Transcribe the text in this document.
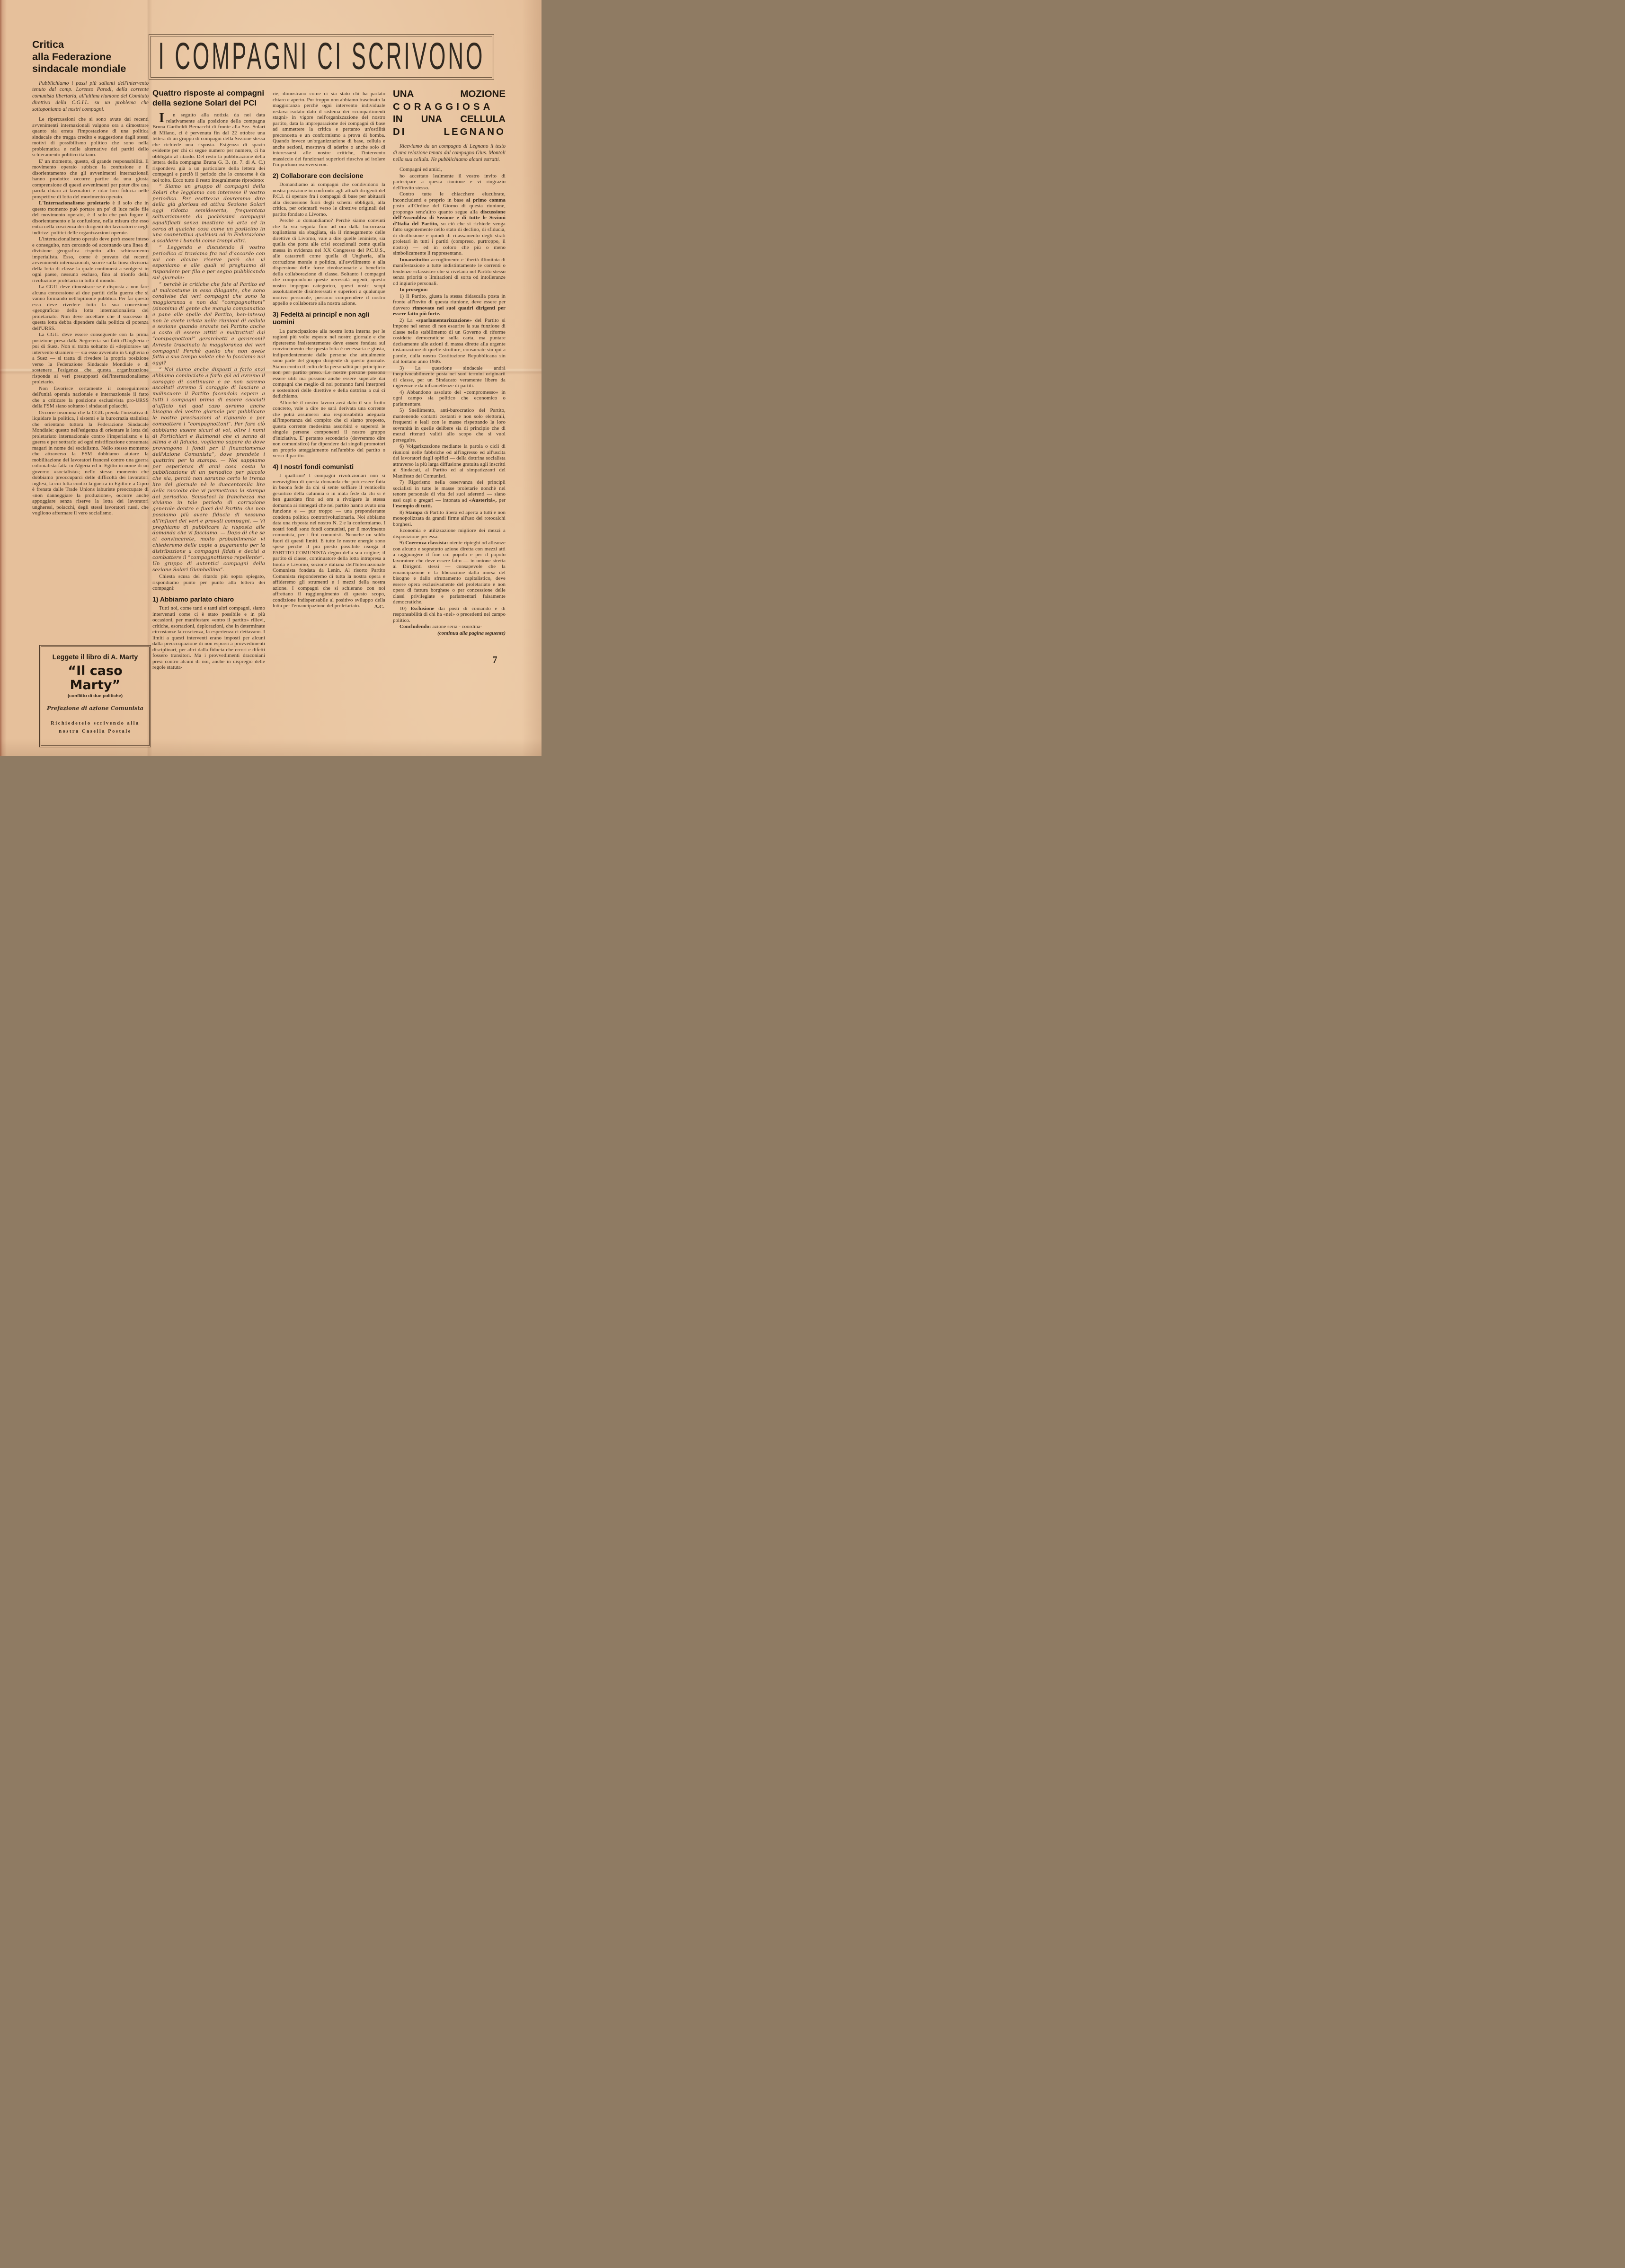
I COMPAGNI CI SCRIVONO
Critica
alla Federazione
sindacale mondiale

Pubblichiamo i passi più salienti dell'intervento tenuto dal comp. Lorenzo Parodi, della corrente comunista libertaria, all'ultima riunione del Comitato direttivo della C.G.I.L. su un problema che sottoponiamo ai nostri compagni.

Le ripercussioni che si sono avute dai recenti avvenimenti internazionali valgono ora a dimostrare quanto sia errata l'impostazione di una politica sindacale che tragga credito e suggestione dagli stessi motivi di possibilismo politico che sono nella problematica e nelle alternative dei partiti dello schieramento politico italiano.

E' un momento, questo, di grande responsabilità. Il movimento operaio subisce la confusione e il disorientamento che gli avvenimenti internazionali hanno prodotto: occorre partire da una giusta comprensione di questi avvenimenti per poter dire una parola chiara ai lavoratori e ridar loro fiducia nelle prospettive di lotta del movimento operaio.

L'Internazionalismo proletario è il solo che in questo momento può portare un po' di luce nelle file del movimento operaio, è il solo che può fugare il disorientamento e la confusione, nella misura che esso entra nella coscienza dei dirigenti dei lavoratori e negli indirizzi politici delle organizzazioni operaie.

L'internazionalismo operaio deve però essere inteso e conseguito, non cercando od accettando una linea di divisione geografica rispetto allo schieramento imperialista. Esso, come è provato dai recenti avvenimenti internazionali, scorre sulla linea divisoria della lotta di classe la quale continuerà a svolgersi in ogni paese, nessuno escluso, fino al trionfo della rivoluzione proletaria in tutto il mondo.

La CGIL deve dimostrare se è disposta a non fare alcuna concessione ai due partiti della guerra che si vanno formando nell'opinione pubblica. Per far questo essa deve rivedere tutta la sua concezione «geografica» della lotta internazionalista del proletariato. Non deve accettare che il successo di questa lotta debba dipendere dalla politica di potenza dell'URSS.

La CGIL deve essere conseguente con la prima posizione presa dalla Segreteria sui fatti d'Ungheria e poi di Suez. Non si tratta soltanto di «deplorare» un intervento straniero — sia esso avvenuto in Ungheria o a Suez — si tratta di rivedere la propria posizione verso la Federazione Sindacale Mondiale e di sostenere l'esigenza che questa organizzazione risponda ai veri presupposti dell'internazionalismo proletario.

Non favorisce certamente il conseguimento dell'unità operaia nazionale e internazionale il fatto che a criticare la posizione esclusivista pro-URSS della FSM siano soltanto i sindacati polacchi.

Occorre insomma che la CGIL prenda l'iniziativa di liquidare la politica, i sistemi e la burocrazia stalinista che orientano tuttora la Federazione Sindacale Mondiale: questo nell'esigenza di orientare la lotta del proletariato internazionale contro l'imperialismo e la guerra e per sottrarlo ad ogni mistificazione consumata magari in nome del socialismo. Nello stesso momento che attraverso la FSM dobbiamo aiutare la mobilitazione dei lavoratori francesi contro una guerra colonialista fatta in Algeria ed in Egitto in nome di un governo «socialista»; nello stesso momento che dobbiamo preoccuparci delle difficoltà dei lavoratori inglesi, la cui lotta contro la guerra in Egitto e a Cipro è frenata dalle Trade Unions laburiste preoccupate di «non danneggiare la produzione», occorre anche appoggiare senza riserve la lotta dei lavoratori ungheresi, polacchi, degli stessi lavoratori russi, che vogliono affermare il vero socialismo.

Leggete il libro di A. Marty
“Il caso Marty”
(conflitto di due politiche)
Prefazione di azione Comunista
Richiedetelo scrivendo alla nostra Casella Postale
Quattro risposte ai compagni
della sezione Solari del PCI

In seguito alla notizia da noi data relativamente alla posizione della compagna Bruna Gariboldi Bernacchi di fronte alla Sez. Solari di Milano, ci è pervenuta fin dal 22 ottobre una lettera di un gruppo di compagni della Sezione stessa che richiede una risposta. Esigenza di spazio evidente per chi ci segue numero per numero, ci ha obbligato al ritardo. Del resto la pubblicazione della lettera della compagna Bruna G. B. (n. 7. di A. C.) rispondeva già a un particolare della lettera dei compagni e perciò il periodo che lo concerne è da noi tolto. Ecco tutto il resto integralmente riprodotto:

” Siamo un gruppo di compagni della Solari che leggiamo con interesse il vostro periodico. Per esattezza dovremmo dire della già gloriosa ed attiva Sezione Solari oggi ridotta semideserta, frequentata saltuariamente da pochissimi compagni squalificati senza mestiere nè arte ed in cerca di qualche cosa come un posticino in una cooperativa qualsiasi od in Federazione a scaldare i banchi come troppi altri.

” Leggendo e discutendo il vostro periodico ci troviamo fra noi d'accordo con voi con alcune riserve però che vi esponiamo e alle quali vi preghiamo di rispondere per filo e per segno pubblicando sul giornale:

” perchè le critiche che fate al Partito ed al malcostume in esso dilagante, che sono condivise dai veri compagni che sono la maggioranza e non dai ”compagnottoni” (sinonimo di gente che mangia companatico e pane alle spalle del Partito, ben-inteso) non le avete urlate nelle riunioni di cellula e sezione quando eravate nel Partito anche a costo di essere zittiti e maltrattati dai ”compagnottoni” gerarchetti e gerarconi? Avreste trascinato la maggioranza dei veri compagni! Perchè quello che non avete fatto a suo tempo volete che lo facciamo noi oggi?

” Noi siamo anche disposti a farlo anzi abbiamo cominciato a farlo già ed avremo il coraggio di continuare e se non saremo ascoltati avremo il coraggio di lasciare a malincuore il Partito facendolo sapere a tutti i compagni prima di essere cacciati d'ufficio nel qual caso avremo anche bisogno del vostro giornale per pubblicare le nostre precisazioni al riguardo e per combattere i ”compagnottoni”. Per fare ciò dobbiamo essere sicuri di voi, oltre i nomi di Fortichiari e Raimondi che ci sanno di stima e di fiducia, vogliamo sapere da dove provengono i fondi per il finanziamento dell'Azione Comunista”, dove prendete i quattrini per la stampa. — Noi sappiamo per esperienza di anni cosa costa la pubblicazione di un periodico per piccolo che sia, perciò non saranno certo le trenta lire del giornale nè le duecentomila lire della raccolta che vi permettono la stampa del periodico. Scusateci la franchezza ma viviamo in tale periodo di corruzione generale dentro e fuori del Partito che non possiamo più avere fiducia di nessuno all'infuori dei veri e provati compagni. — Vi preghiamo di pubblicare la risposta alle domanda che vi facciamo. — Dopo di che se ci convincerete, molto probabilmente vi chiederemo delle copie a pagamento per la distribuzione a compagni fidati e decisi a combattere il ”compagnottismo repellente”.

Un gruppo di autentici compagni della sezione Solari Giambellino”.

Chiesta scusa del ritardo più sopra spiegato, rispondiamo punto per punto alla lettera dei compagni:

1) Abbiamo parlato chiaro

Tutti noi, come tanti e tanti altri compagni, siamo intervenuti come ci è stato possibile e in più occasioni, per manifestare «entro il partito» rilievi, critiche, esortazioni, deplorazioni, che in determinate circostanze la coscienza, la esperienza ci dettavano. I limiti a questi interventi erano imposti per alcuni dalla preoccupazione di non esporsi a provvedimenti disciplinari, per altri dalla fiducia che errori e difetti fossero transitori. Ma i provvedimenti draconiani presi contro alcuni di noi, anche in dispregio delle regole statuta-

rie, dimostrano come ci sia stato chi ha parlato chiaro e aperto. Pur troppo non abbiamo trascinato la maggioranza perchè ogni intervento individuale restava isolato dato il sistema dei «compartimenti stagni» in vigore nell'organizzazione del nostro partito, data la impreparazione dei compagni di base ad ammettere la critica e pertanto un'ostilità preconcetta e un conformismo a prova di bomba. Quando invece un'organizzazione di base, cellula e anche sezioni, mostrava di aderire o anche solo di interessarsi alle nostre critiche, l'intervento massiccio dei funzionari superiori riusciva ad isolare l'importuno «sovversivo».

2) Collaborare con decisione

Domandiamo ai compagni che condividono la nostra posizione in confronto agli attuali dirigenti del P.C.I. di operare fra i compagni di base per abituarli alla discussione fuori degli schemi obbligati, alla critica, per orientarli verso le direttive originali del partito fondato a Livorno.

Perchè lo domandiamo? Perchè siamo convinti che la via seguita fino ad ora dalla burocrazia togliattiana sia sbagliata, sia il rinnegamento delle direttive di Livorno, vale a dire quelle leniniste, sia quella che porta alle crisi eccezionali come quella messa in evidenza nel XX Congresso del P.C.U.S., alle catastrofi come quella di Ungheria, alla corruzione morale e politica, all'avvilimento e alla dispersione delle forze rivoluzionarie a beneficio della collaborazione di classe. Soltanto i compagni che comprendono queste necessità urgenti, questo nostro impegno categorico, questi nostri scopi assolutamente disinteressati e superiori a qualunque motivo personale, possono comprendere il nostro appello e collaborare alla nostra azione.

3) Fedeltà ai principî e non agli uomini

La partecipazione alla nostra lotta interna per le ragioni più volte esposte nel nostro giornale e che ripeteremo insistentemente deve essere fondata sul convincimento che questa lotta è necessaria e giusta, indipendentemente dalle persone che attualmente sono parte del gruppo dirigente di questo giornale. Siamo contro il culto della personalità per principio e non per partito preso. Le nostre persone possono essere utili ma possono anche essere superate dai compagni che meglio di noi potranno farsi interpreti e sostenitori delle direttive e della dottrina a cui ci dedichiamo.

Allorchè il nostro lavoro avrà dato il suo frutto concreto, vale a dire ne sarà derivata una corrente che potrà assumersi una responsabilità adeguata all'importanza del compito che ci siamo proposto, questa corrente medesima assorbirà e supererà le singole persone componenti il nostro gruppo d'iniziativa. E' pertanto secondario (dovremmo dire non comunistico) far dipendere dai singoli promotori un proprio atteggiamento nell'ambito del partito o verso il partito.

4) I nostri fondi comunisti

I quattrini? I compagni rivoluzionari non si meraviglino di questa domanda che può essere fatta in buona fede da chi si sente soffiare il venticello gesuitico della calunnia o in mala fede da chi si è ben guardato fino ad ora a rivolgere la stessa domanda ai rinnegati che nel partito hanno avuto una funzione e — pur troppo — una preponderante condotta politica controrivoluzionaria. Noi abbiamo data una risposta nel nostro N. 2 e la confermiamo. I nostri fondi sono fondi comunisti, per il movimento comunista, per i fini comunisti. Neanche un soldo fuori di questi limiti. E tutte le nostre energie sono spese perchè il più presto possibile risorga il PARTITO COMUNISTA degno della sua origine; il partito di classe, continuatore della lotta intrapresa a Imola e Livorno, sezione italiana dell'Internazionale Comunista fondata da Lenin. Al risorto Partito Comunista risponderemo di tutta la nostra opera e affideremo gli strumenti e i mezzi della nostra azione. I compagni che si schierano con noi affrettano il raggiungimento di questo scopo, condizione indispensabile al positivo sviluppo della lotta per l'emancipazione del proletariato.	A.C.

UNA MOZIONE
CORAGGIOSA
IN UNA CELLULA
DI LEGNANO

Riceviamo da un compagno di Legnano il testo di una relazione tenuta dal compagno Gius. Montoli nella sua cellula. Ne pubblichiamo alcuni estratti.

Compagni ed amici,

ho accettato lealmente il vostro invito di partecipare a questa riunione e vi ringrazio dell'invito stesso.

Contro tutte le chiacchere elucubrate, inconcludenti e proprio in base al primo comma posto all'Ordine del Giorno di questa riunione, propongo senz'altro quanto segue alla discussione dell'Assemblea di Sezione e di tutte le Sezioni d'Italia del Partito, su ciò che si richiede venga fatto urgentemente nello stato di declino, di sfiducia, di disillusione e quindi di rilassamento degli strati proletari in tutti i partiti (compreso, purtroppo, il nostro) — ed in coloro che più o meno simbolicamente li rappresentano.

Innanzitutto: accoglimento e libertà illimitata di manifestazione a tutte indistintamente le correnti o tendenze «classiste» che si rivelano nel Partito stesso senza priorità o limitazioni di sorta od intolleranze od ingiurie personali.

In proseguo:

1) Il Partito, giusta la stessa didascalia posta in fronte all'invito di questa riunione, deve essere per davvero rinnovato nei suoi quadri dirigenti per essere fatto più forte.

2) La «sparlamentarizzazione» del Partito si impone nel senso di non esaurire la sua funzione di classe nello stabilimento di un Governo di riforme cosidette democratiche sulla carta, ma puntare decisamente alle azioni di massa dirette alla urgente instaurazione di quelle strutture, consacrate sin quì a parole, dalla nostra Costituzione Repubblicana sin dal lontano anno 1946.

3) La questione sindacale andrà inequivocabilmente posta nei suoi termini originarii di classe, per un Sindacato veramente libero da ingerenze e da inframettenze di partiti.

4) Abbandono assoluto del «compromesso» in ogni campo sia politico che economico o parlamentare.

5) Snellimento, anti-burocratico del Partito, mantenendo contatti costanti e non solo elettorali, frequenti e leali con le masse rispettando la loro sovranità in quelle delibere sia di principio che di mezzi ritenuti validi allo scopo che si vuol perseguire.

6) Volgarizzazione mediante la parola o cicli di riunioni nelle fabbriche od all'ingresso ed all'uscita dei lavoratori dagli opifici — della dottrina socialista attraverso la più larga diffusione gratuita agli inscritti ai Sindacati, al Partito ed ai simpatizzanti del Manifesto dei Comunisti.

7) Rigorismo nella osservanza dei principii socialisti in tutte le masse proletarie nonchè nel tenore personale di vita dei suoi aderenti — siano essi capi o gregari — intonata ad «Austerità», per l'esempio di tutti.

8) Stampa di Partito libera ed aperta a tutti e non monopolizzata da grandi firme all'uso dei rotocalchi borghesi.

Economia e utilizzazione migliore dei mezzi a disposizione per essa.

9) Coerenza classista: niente ripieghi od alleanze con alcuno e sopratutto azione diretta con mezzi atti a raggiungere il fine col popolo e per il popolo lavoratore che deve essere fatto — in unione stretta ai Dirigenti stessi — consapevole che la emancipazione e la liberazione dalla morsa del bisogno e dallo sfruttamento capitalistico, deve essere opera esclusivamente del proletariato e non opera di fattura borghese o per concessione delle classi privilegiate e parlamentari falsamente democratiche.

10) Esclusione dai posti di comando e di responsabilità di chi ha «nei» o precedenti nel campo politico.

Concludendo: azione seria - coordina-

(continua alla pagina seguente)

7
